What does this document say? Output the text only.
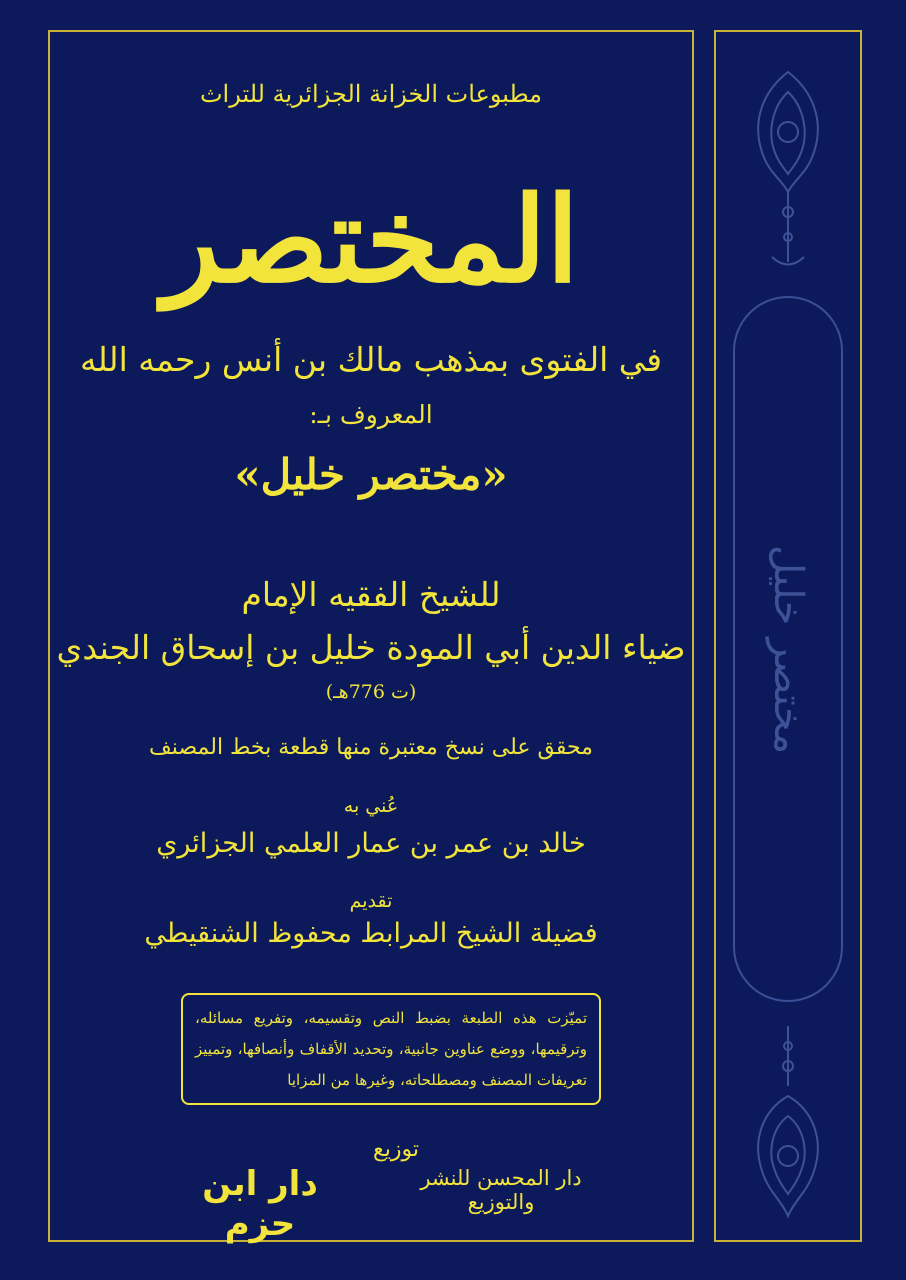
مختصر خليل
مطبوعات الخزانة الجزائرية للتراث
المختصر
في الفتوى بمذهب مالك بن أنس رحمه الله
المعروف بـ:
«مختصر خليل»
للشيخ الفقيه الإمام
ضياء الدين أبي المودة خليل بن إسحاق الجندي
(ت 776هـ)
محقق على نسخ معتبرة منها قطعة بخط المصنف
عُني به
خالد بن عمر بن عمار العلمي الجزائري
تقديم
فضيلة الشيخ المرابط محفوظ الشنقيطي
تميّزت هذه الطبعة بضبط النص وتقسيمه، وتفريع مسائله، وترقيمها، ووضع عناوين جانبية، وتحديد الأقفاف وأنصافها، وتمييز تعريفات المصنف ومصطلحاته، وغيرها من المزايا
توزيع
دار المحسن للنشر والتوزيع
دار ابن حزم
